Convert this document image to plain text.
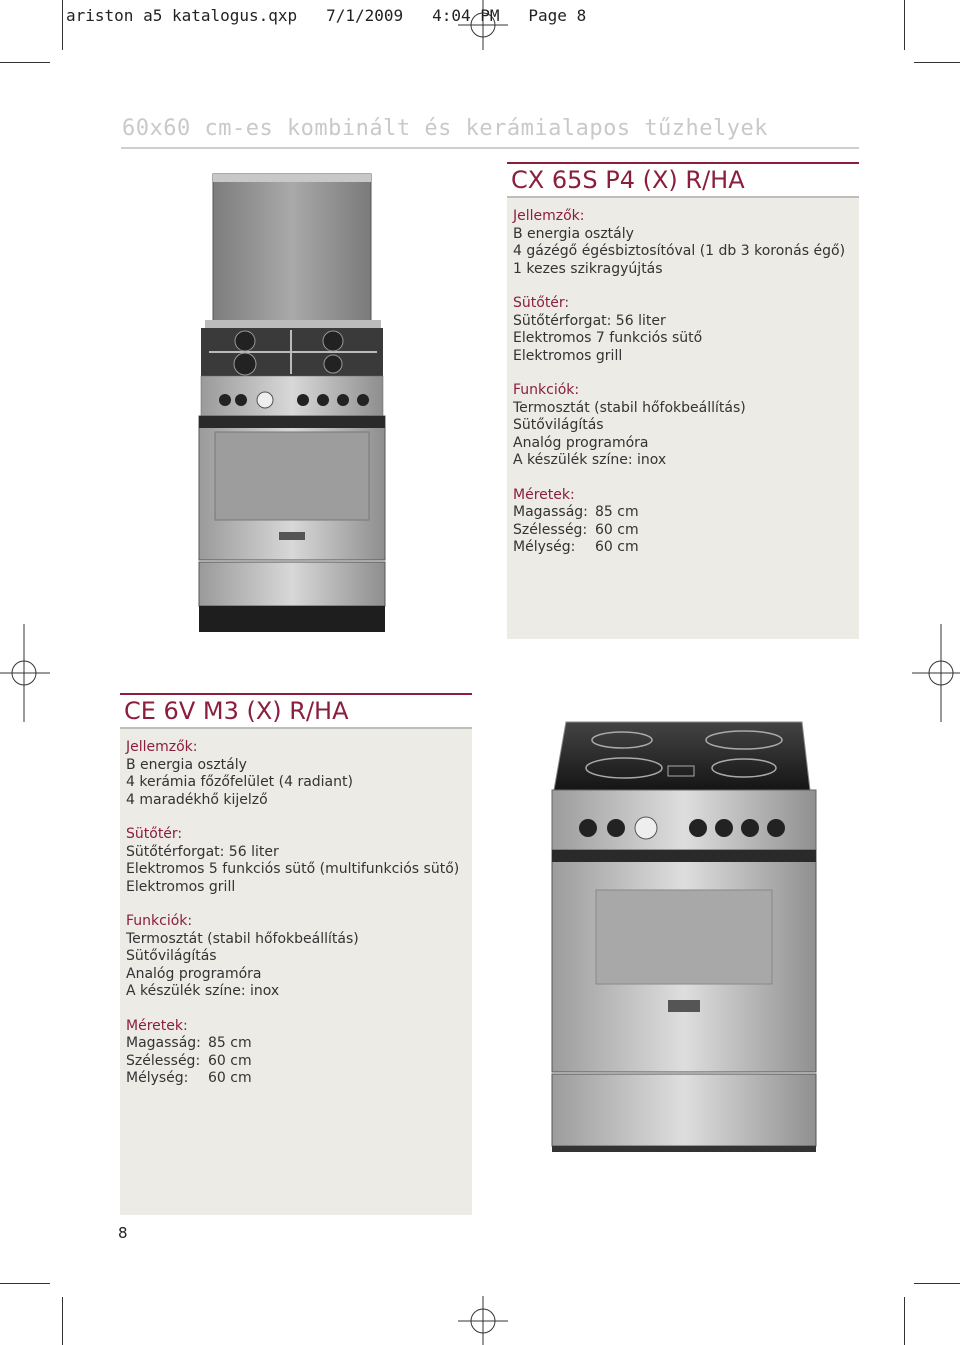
ariston a5 katalogus.qxp 7/1/2009 4:04 PM Page 8
60x60 cm-es kombinált és kerámialapos tűzhelyek
CX 65S P4 (X) R/HA
Jellemzők:
B energia osztály
4 gázégő égésbiztosítóval (1 db 3 koronás égő)
1 kezes szikragyújtás
Sütőtér:
Sütőtérforgat: 56 liter
Elektromos 7 funkciós sütő
Elektromos grill
Funkciók:
Termosztát (stabil hőfokbeállítás)
Sütővilágítás
Analóg programóra
A készülék színe: inox
Méretek:
Magasság: 85 cm
Szélesség: 60 cm
Mélység: 60 cm
CE 6V M3 (X) R/HA
Jellemzők:
B energia osztály
4 kerámia főzőfelület (4 radiant)
4 maradékhő kijelző
Sütőtér:
Sütőtérforgat: 56 liter
Elektromos 5 funkciós sütő (multifunkciós sütő)
Elektromos grill
Funkciók:
Termosztát (stabil hőfokbeállítás)
Sütővilágítás
Analóg programóra
A készülék színe: inox
Méretek:
Magasság: 85 cm
Szélesség: 60 cm
Mélység: 60 cm
8
